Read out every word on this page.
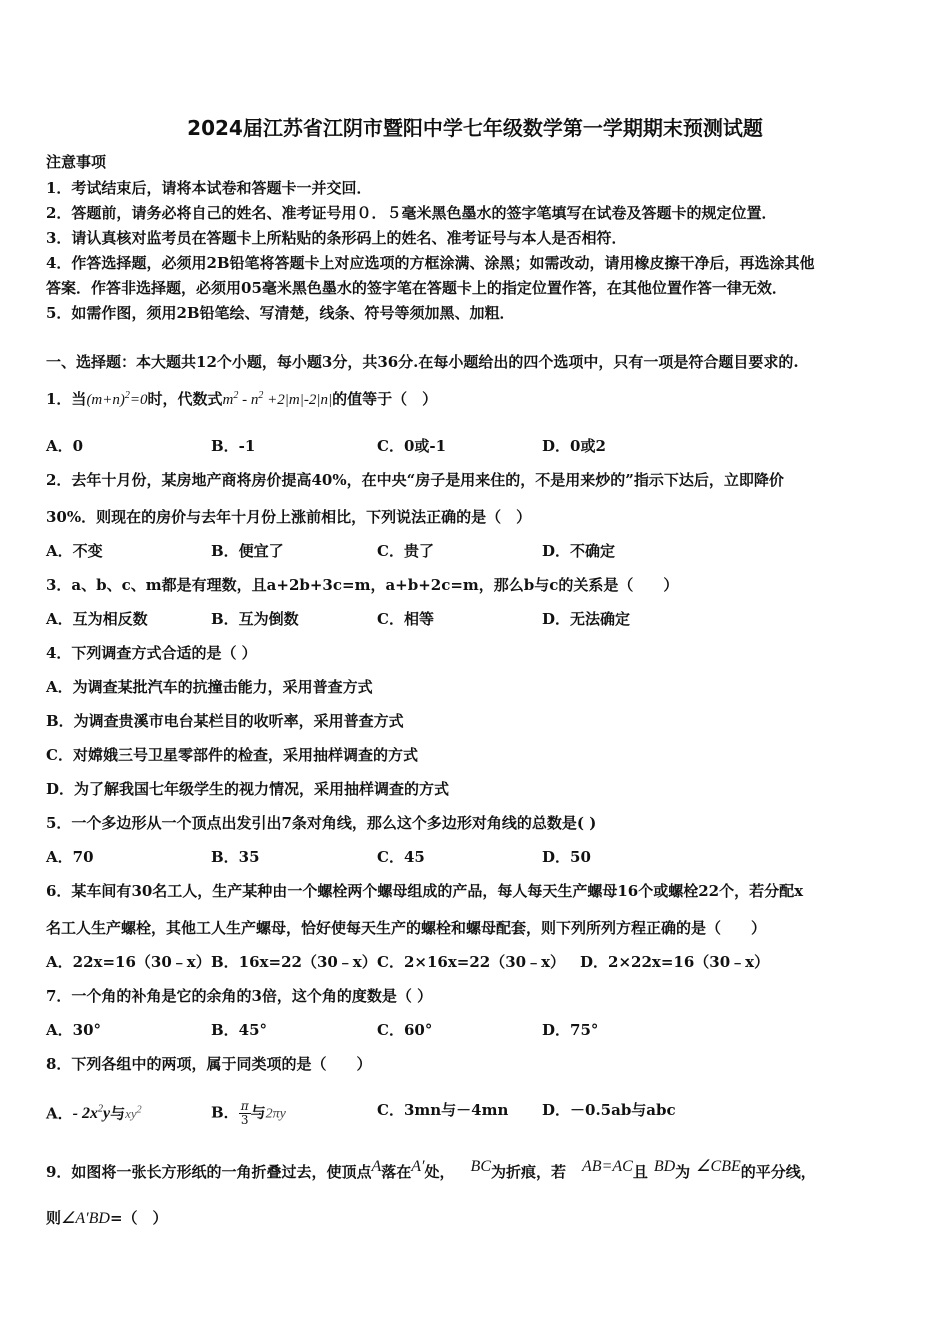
2024届江苏省江阴市暨阳中学七年级数学第一学期期末预测试题
注意事项
1．考试结束后，请将本试卷和答题卡一并交回．
2．答题前，请务必将自己的姓名、准考证号用０．５毫米黑色墨水的签字笔填写在试卷及答题卡的规定位置．
3．请认真核对监考员在答题卡上所粘贴的条形码上的姓名、准考证号与本人是否相符．
4．作答选择题，必须用2B铅笔将答题卡上对应选项的方框涂满、涂黑；如需改动，请用橡皮擦干净后，再选涂其他
答案．作答非选择题，必须用05毫米黑色墨水的签字笔在答题卡上的指定位置作答，在其他位置作答一律无效．
5．如需作图，须用2B铅笔绘、写清楚，线条、符号等须加黑、加粗．
一、选择题：本大题共12个小题，每小题3分，共36分.在每小题给出的四个选项中，只有一项是符合题目要求的.
1．当$(m+n)^2=0$时，代数式$m^2 - n^2 +2|m|-2|n|$的值等于（　）
A．0	B．-1	C．0或-1	D．0或2
2．去年十月份，某房地产商将房价提高40%，在中央“房子是用来住的，不是用来炒的”指示下达后，立即降价
30%．则现在的房价与去年十月份上涨前相比，下列说法正确的是（　）
A．不变	B．便宜了	C．贵了	D．不确定
3．a、b、c、m都是有理数，且a+2b+3c=m，a+b+2c=m，那么b与c的关系是（　　）
A．互为相反数	B．互为倒数	C．相等	D．无法确定
4．下列调查方式合适的是（ ）
A．为调查某批汽车的抗撞击能力，采用普查方式
B．为调查贵溪市电台某栏目的收听率，采用普查方式
C．对嫦娥三号卫星零部件的检查，采用抽样调查的方式
D．为了解我国七年级学生的视力情况，采用抽样调查的方式
5．一个多边形从一个顶点出发引出7条对角线，那么这个多边形对角线的总数是( )
A．70	B．35	C．45	D．50
6．某车间有30名工人，生产某种由一个螺栓两个螺母组成的产品，每人每天生产螺母16个或螺栓22个，若分配x
名工人生产螺栓，其他工人生产螺母，恰好使每天生产的螺栓和螺母配套，则下列所列方程正确的是（　　）
A．22x=16（30﹣x） B．16x=22（30﹣x） C．2×16x=22（30﹣x） D．2×22x=16（30﹣x）
7．一个角的补角是它的余角的3倍，这个角的度数是（ ）
A．30°	B．45°	C．60°	D．75°
8．下列各组中的两项，属于同类项的是（　　）
A．- $2x^2y$与$xy^2$	B． $\frac{\pi}{3}$ 与2πy	C．3mn与－4mn D．－0.5ab与abc
9．如图将一张长方形纸的一角折叠过去，使顶点A落在A′处， BC为折痕，若 AB=AC且 BD为 ∠CBE的平分线，
则∠A′BD=（　）
